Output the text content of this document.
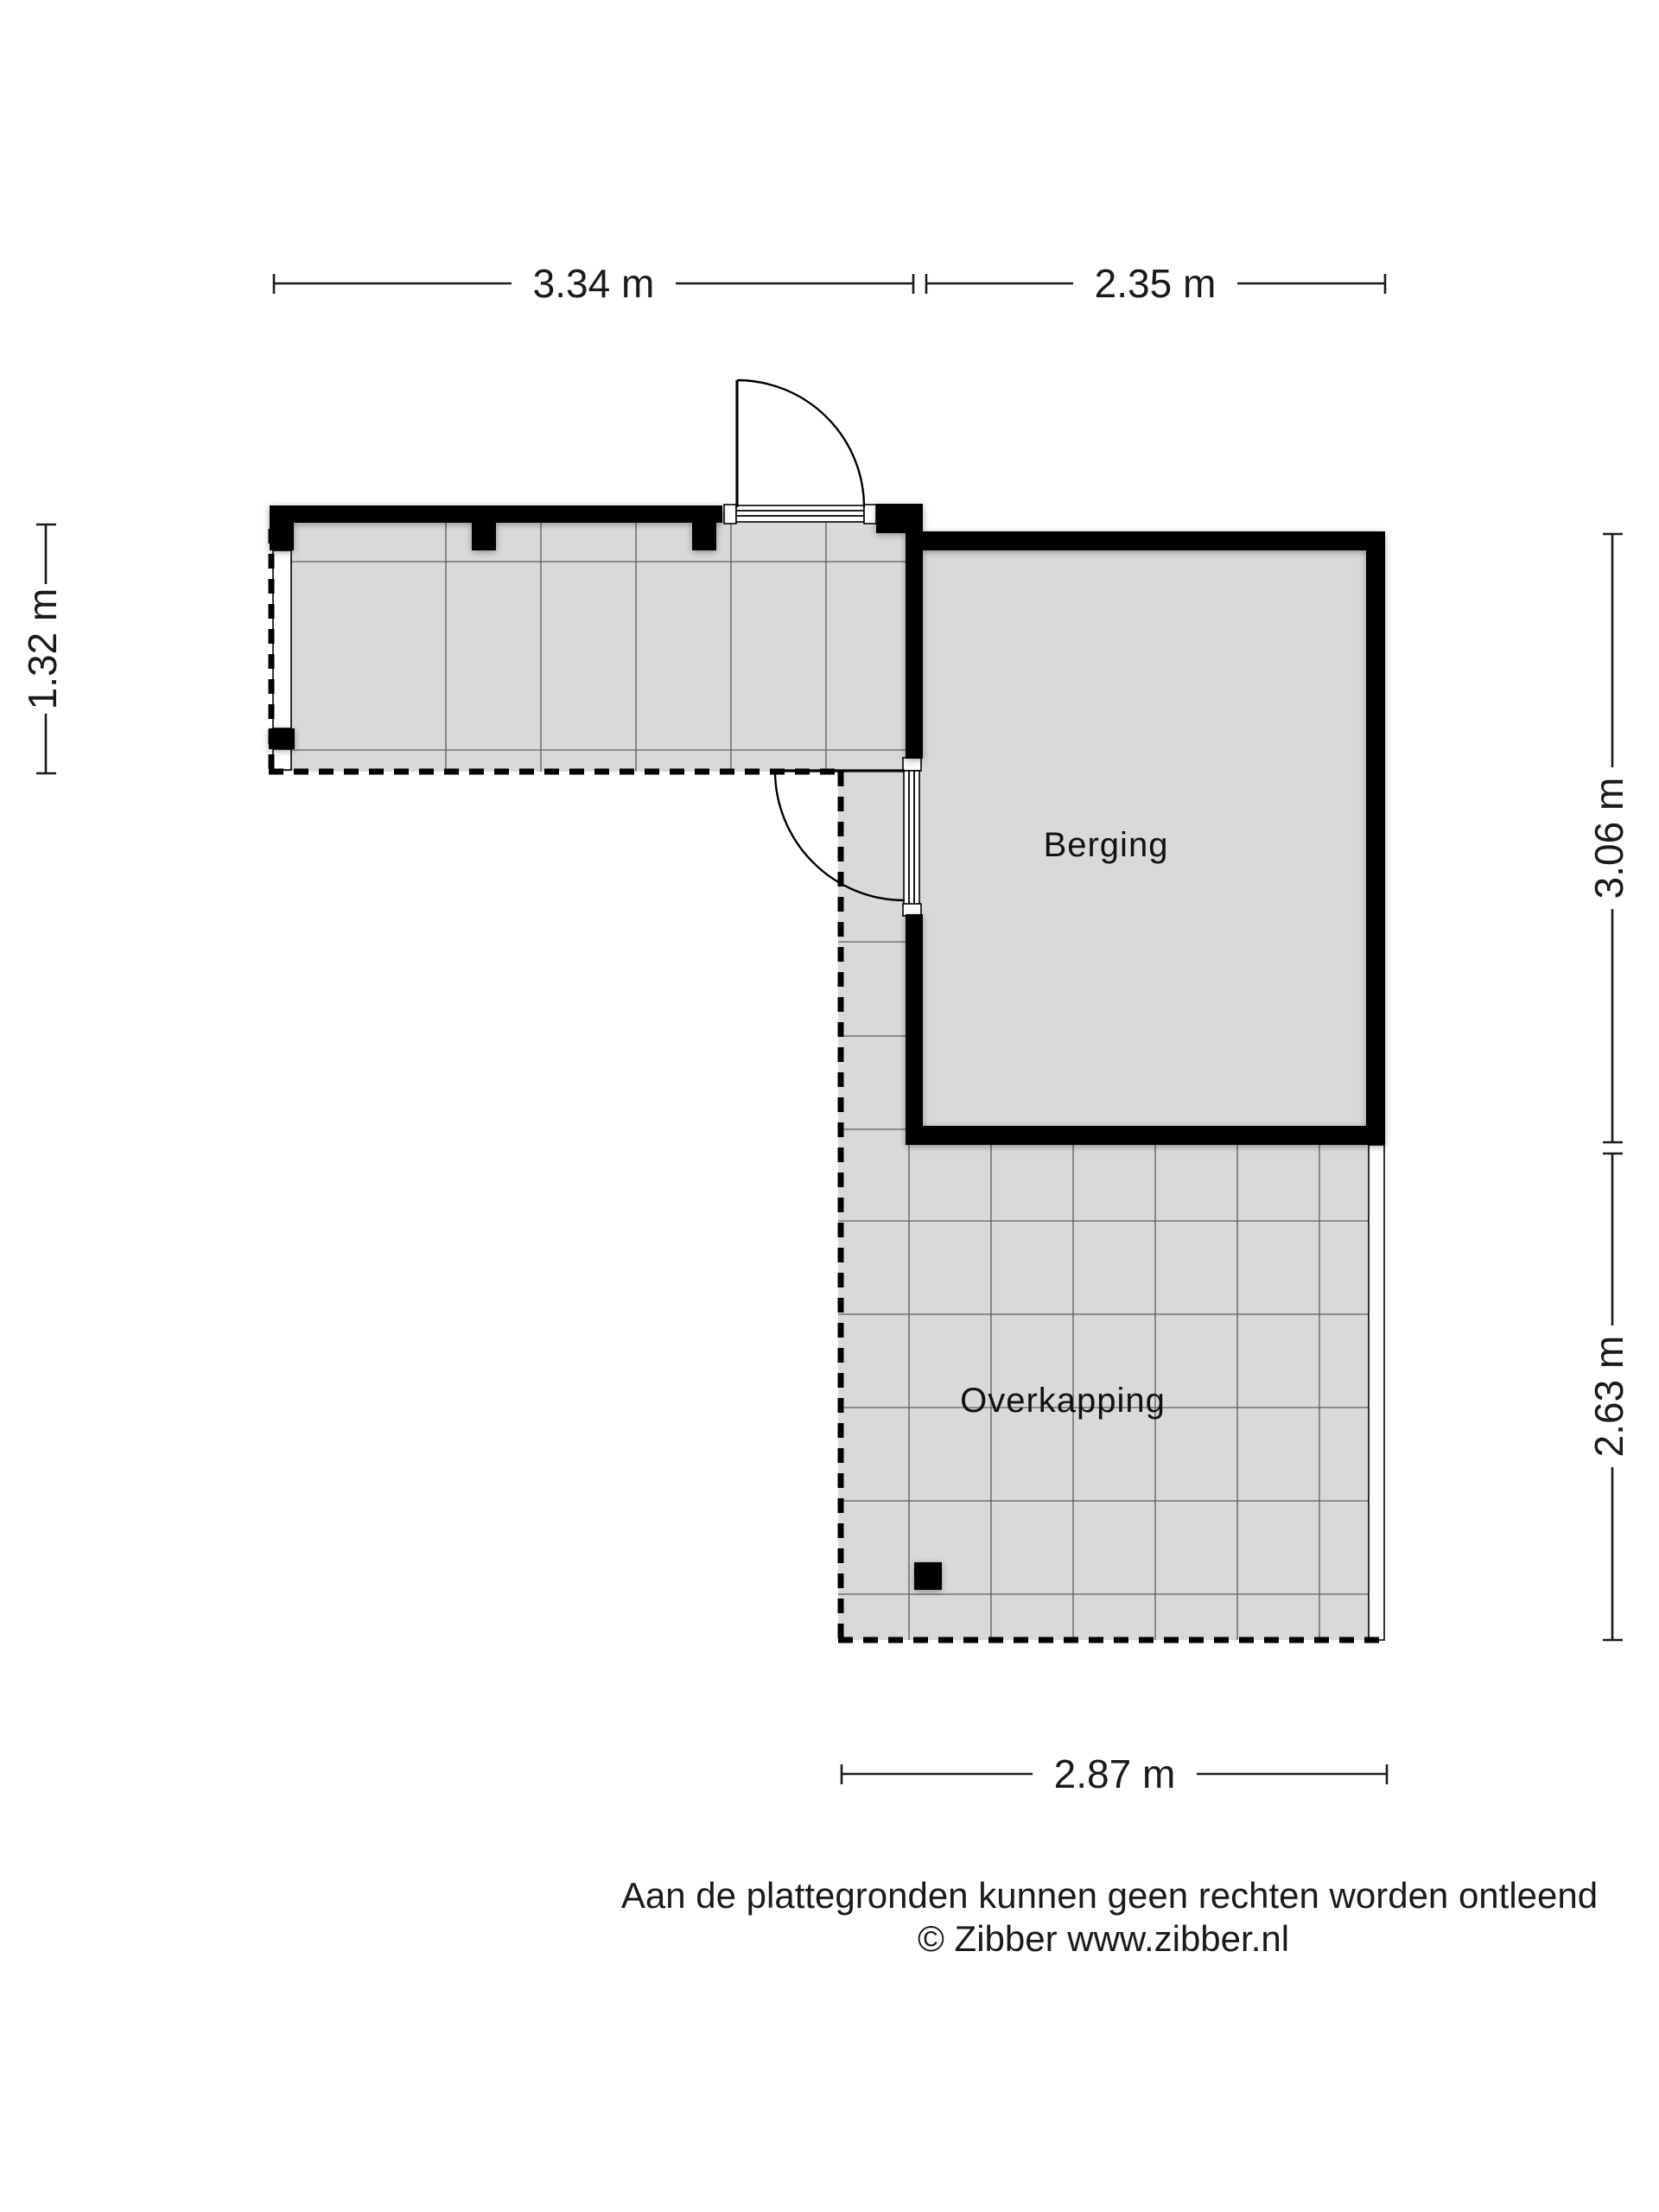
Berging
Overkapping
3.34 m	2.35 m
1.32 m
3.06 m
2.63 m
2.87 m
Aan de plattegronden kunnen geen rechten worden ontleend
© Zibber www.zibber.nl
